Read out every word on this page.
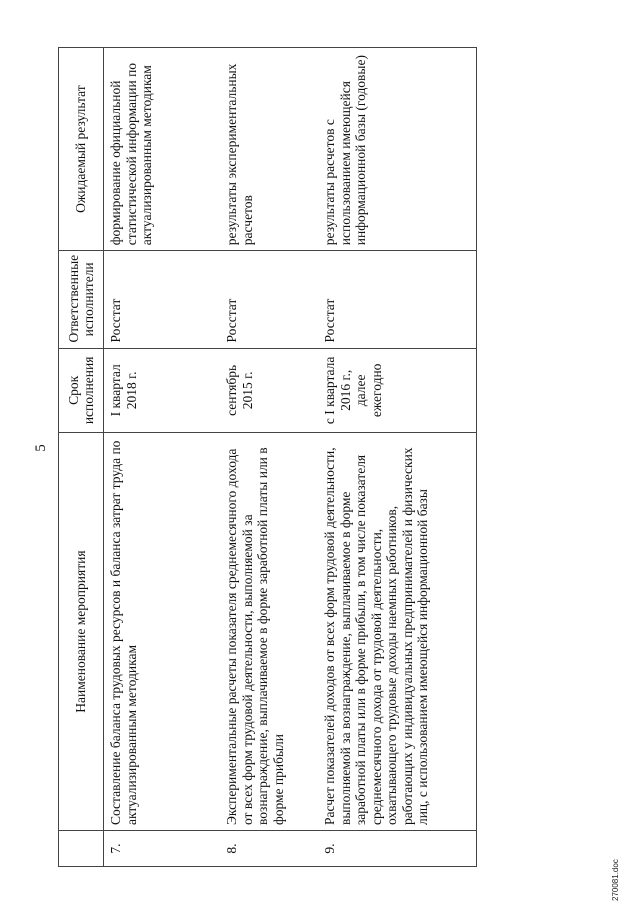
5
	Наименование мероприятия	Срок исполнения	Ответственные исполнители	Ожидаемый результат
7.	Составление баланса трудовых ресурсов и баланса затрат труда по актуализированным методикам	I квартал 2018 г.	Росстат	формирование официальной статистической информации по актуализированным методикам
8.	Экспериментальные расчеты показателя среднемесячного дохода от всех форм трудовой деятельности, выполняемой за вознаграждение, выплачиваемое в форме заработной платы или в форме прибыли	сентябрь 2015 г.	Росстат	результаты экспериментальных расчетов
9.	Расчет показателей доходов от всех форм трудовой деятельности, выполняемой за вознаграждение, выплачиваемое в форме заработной платы или в форме прибыли, в том числе показателя среднемесячного дохода от трудовой деятельности, охватывающего трудовые доходы наемных работников, работающих у индивидуальных предпринимателей и физических лиц, с использованием имеющейся информационной базы	с I квартала 2016 г., далее ежегодно	Росстат	результаты расчетов с использованием имеющейся информационной базы (годовые)
270081.doc
